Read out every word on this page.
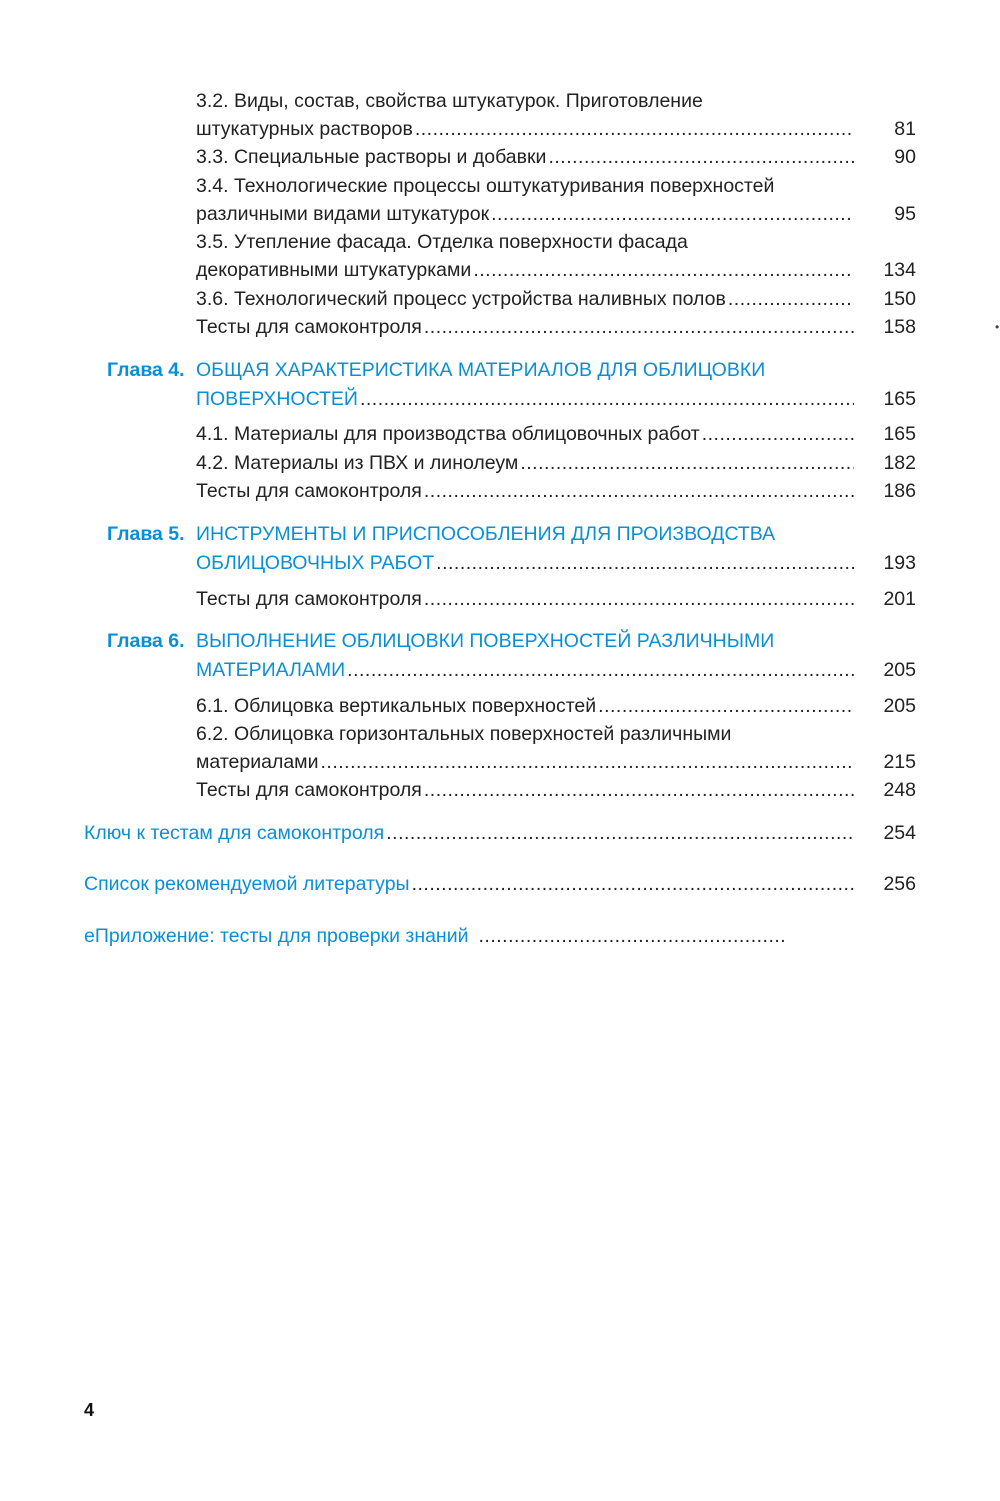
3.2. Виды, состав, свойства штукатурок. Приготовление
штукатурных растворов .....	81
3.3. Специальные растворы и добавки .....	90
3.4. Технологические процессы оштукатуривания поверхностей
различными видами штукатурок .....	95
3.5. Утепление фасада. Отделка поверхности фасада
декоративными штукатурками .....	134
3.6. Технологический процесс устройства наливных полов .....	150
Тесты для самоконтроля .....	158	•
Глава 4. ОБЩАЯ ХАРАКТЕРИСТИКА МАТЕРИАЛОВ ДЛЯ ОБЛИЦОВКИ
ПОВЕРХНОСТЕЙ .....	165
4.1. Материалы для производства облицовочных работ .....	165
4.2. Материалы из ПВХ и линолеум .....	182
Тесты для самоконтроля .....	186
Глава 5. ИНСТРУМЕНТЫ И ПРИСПОСОБЛЕНИЯ ДЛЯ ПРОИЗВОДСТВА
ОБЛИЦОВОЧНЫХ РАБОТ .....	193
Тесты для самоконтроля .....	201
Глава 6. ВЫПОЛНЕНИЕ ОБЛИЦОВКИ ПОВЕРХНОСТЕЙ РАЗЛИЧНЫМИ
МАТЕРИАЛАМИ .....	205
6.1. Облицовка вертикальных поверхностей .....	205
6.2. Облицовка горизонтальных поверхностей различными
материалами .....	215
Тесты для самоконтроля .....	248
Ключ к тестам для самоконтроля .....	254
Список рекомендуемой литературы .....	256
еПриложение: тесты для проверки знаний
.....
4
